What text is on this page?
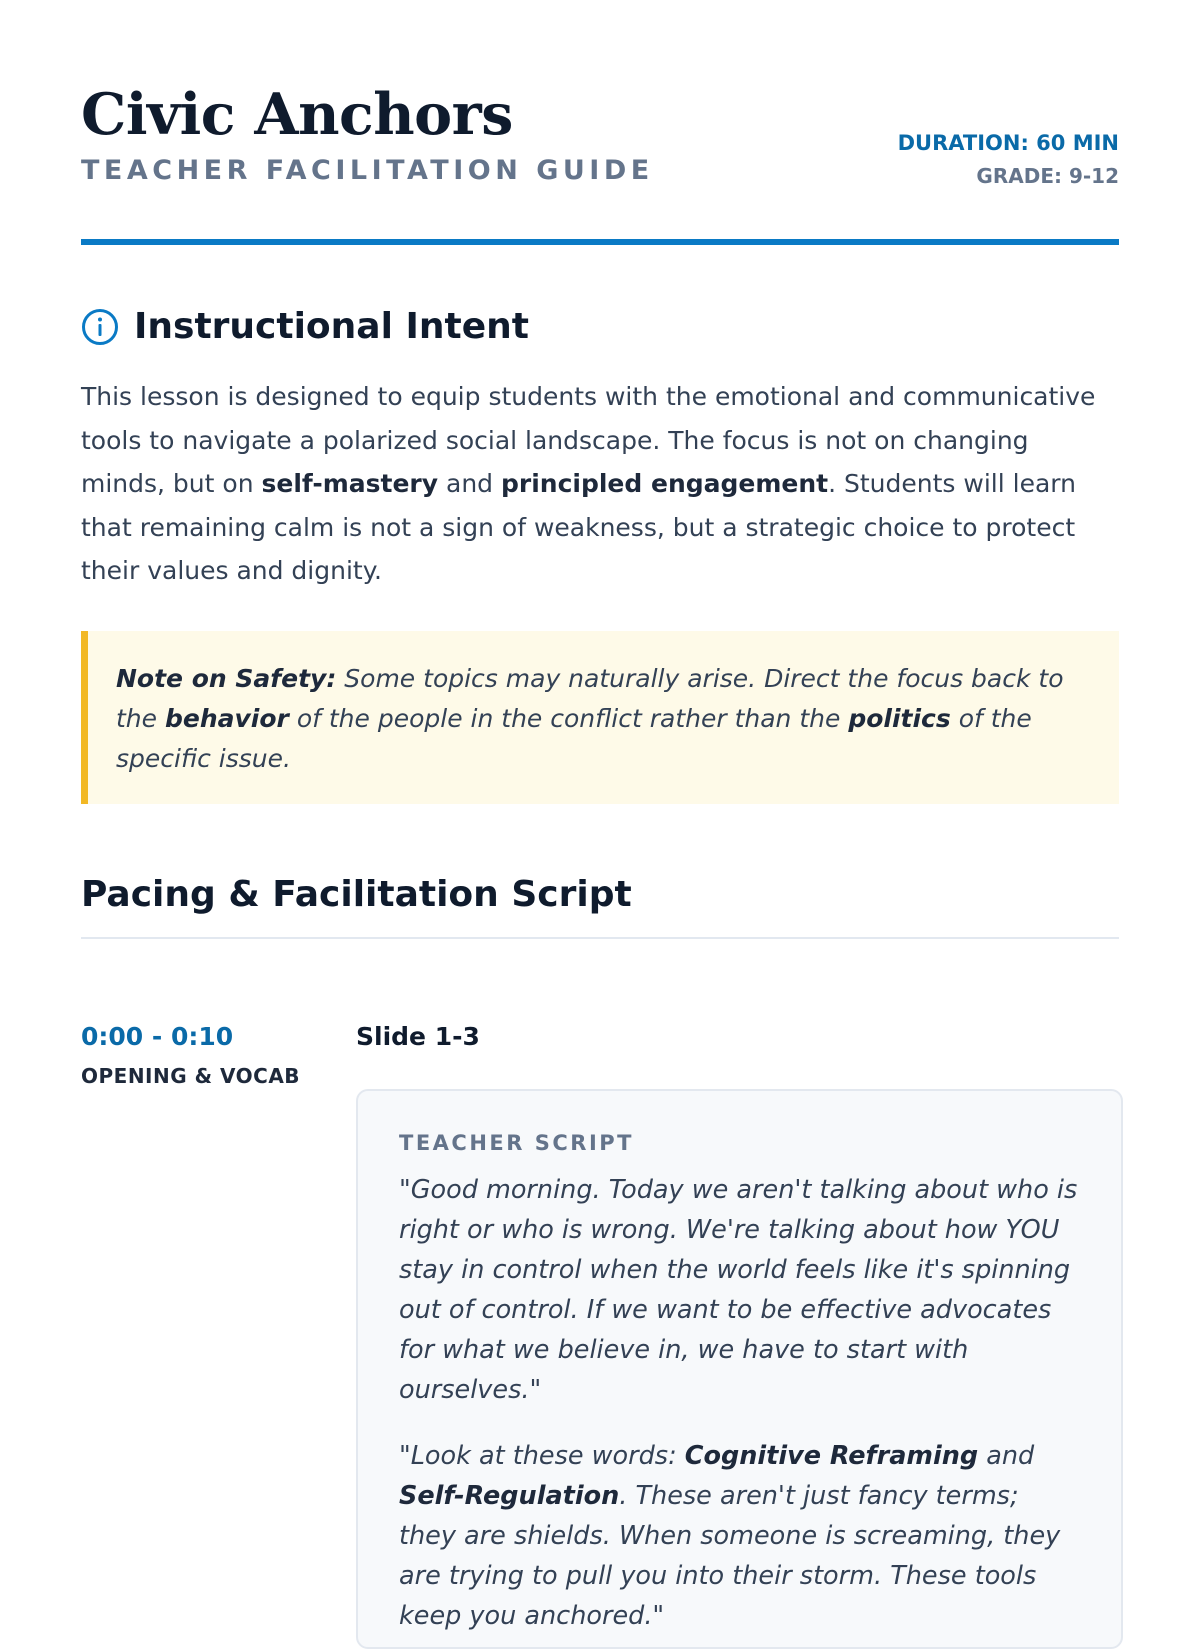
Civic Anchors
TEACHER FACILITATION GUIDE
DURATION: 60 MIN
GRADE: 9-12
Instructional Intent

This lesson is designed to equip students with the emotional and communicative tools to navigate a polarized social landscape. The focus is not on changing minds, but on self-mastery and principled engagement. Students will learn that remaining calm is not a sign of weakness, but a strategic choice to protect their values and dignity.

Note on Safety: Some topics may naturally arise. Direct the focus back to the behavior of the people in the conflict rather than the politics of the specific issue.
Pacing & Facilitation Script
0:00 - 0:10
OPENING & VOCAB
Slide 1-3
TEACHER SCRIPT

"Good morning. Today we aren't talking about who is right or who is wrong. We're talking about how YOU stay in control when the world feels like it's spinning out of control. If we want to be effective advocates for what we believe in, we have to start with ourselves."

"Look at these words: Cognitive Reframing and Self-Regulation. These aren't just fancy terms; they are shields. When someone is screaming, they are trying to pull you into their storm. These tools keep you anchored."
